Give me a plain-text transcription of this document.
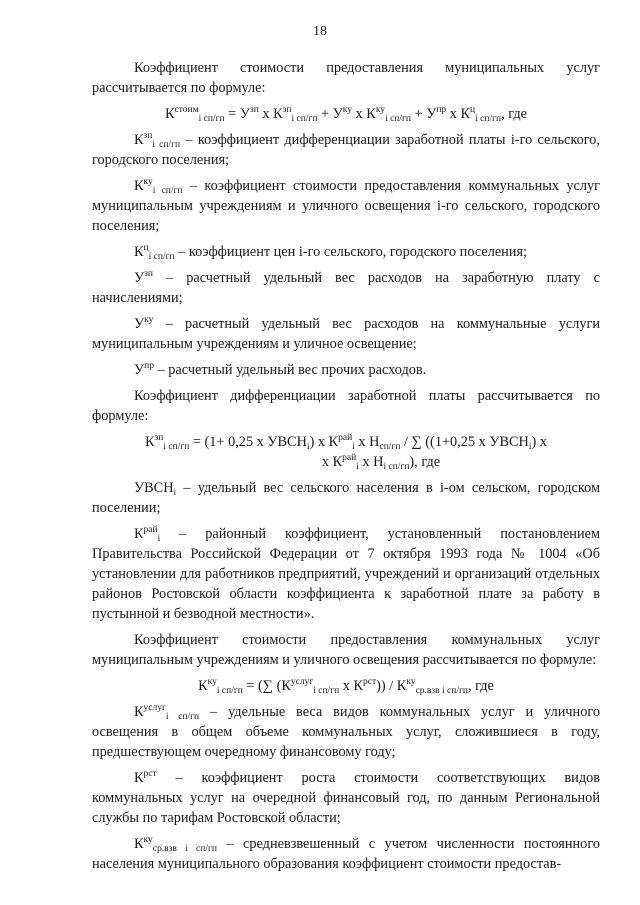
18

Коэффициент стоимости предоставления муниципальных услуг рассчитывается по формуле:

$К^{стоим}_{i сп/гп} = У^{зп}$ х $К^{зп}_{i сп/гп} + У^{ку}$ х $К^{ку}_{i сп/гп} + У^{пр}$ х $К^ц_{i сп/гп}$, где

$К^{зп}_{i сп/гп}$ – коэффициент дифференциации заработной платы i-го сельского, городского поселения;

$К^{ку}_{i сп/гп}$ – коэффициент стоимости предоставления коммунальных услуг муниципальным учреждениям и уличного освещения i-го сельского, городского поселения;

$К^ц_{i сп/гп}$ – коэффициент цен i-го сельского, городского поселения;

$У^{зп}$ – расчетный удельный вес расходов на заработную плату с начислениями;

$У^{ку}$ – расчетный удельный вес расходов на коммунальные услуги муниципальным учреждениям и уличное освещение;

$У^{пр}$ – расчетный удельный вес прочих расходов.

Коэффициент дифференциации заработной платы рассчитывается по формуле:

$К^{зп}_{i сп/гп} = (1+ 0,25$ х $УВСН_i$) х $К^{рай}_i$ х $Н_{сп/гп}$ / ∑ ((1+0,25 х $УВСН_i$) х
х $К^{рай}_i$ х $Н_{i сп/гп}$), где

$УВСН_i$ – удельный вес сельского населения в i-ом сельском, городском поселении;

$К^{рай}_i$ – районный коэффициент, установленный постановлением Правительства Российской Федерации от 7 октября 1993 года № 1004 «Об установлении для работников предприятий, учреждений и организаций отдельных районов Ростовской области коэффициента к заработной плате за работу в пустынной и безводной местности».

Коэффициент стоимости предоставления коммунальных услуг муниципальным учреждениям и уличного освещения рассчитывается по формуле:

$К^{ку}_{i сп/гп}$ = (∑ ($К^{услуг}_{i сп/гп}$ х $К^{рст})) / К^{ку}_{ср.взв i сп/гп}$, где

$К^{услуг}_{i сп/гп}$ – удельные веса видов коммунальных услуг и уличного освещения в общем объеме коммунальных услуг, сложившиеся в году, предшествующем очередному финансовому году;

$К^{рст}$ – коэффициент роста стоимости соответствующих видов коммунальных услуг на очередной финансовый год, по данным Региональной службы по тарифам Ростовской области;

$К^{ку}_{ср.взв i сп/гп}$ – средневзвешенный с учетом численности постоянного населения муниципального образования коэффициент стоимости предостав-
